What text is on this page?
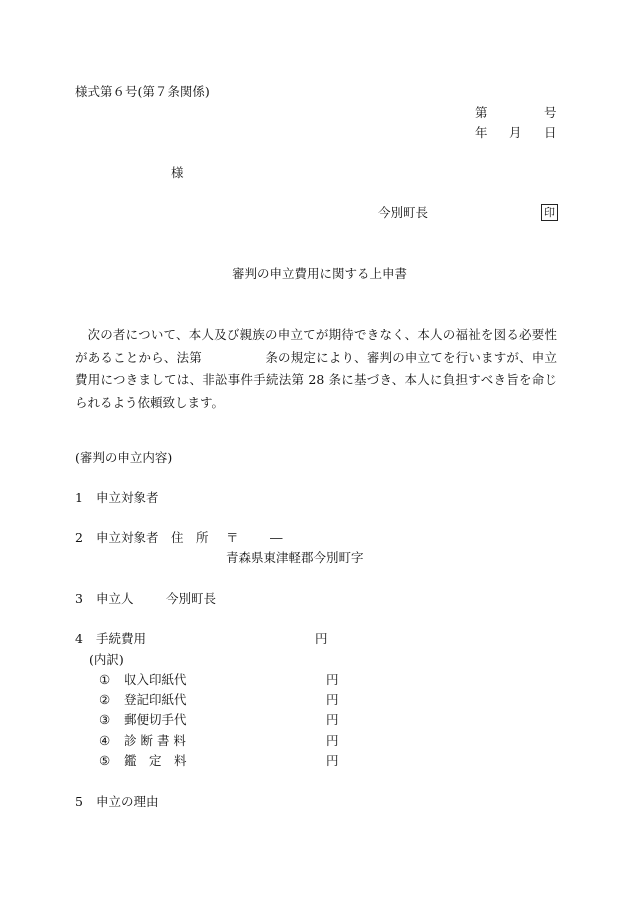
様式第６号(第７条関係)
第	号
年 月 日
様
今別町長	印
審判の申立費用に関する上申書
次の者について、本人及び親族の申立てが期待できなく、本人の福祉を図る必要性があることから、法第　　　　　条の規定により、審判の申立てを行いますが、申立費用につきましては、非訟事件手続法第 28 条に基づき、本人に負担すべき旨を命じられるよう依頼致します。
(審判の申立内容)
1 申立対象者
2 申立対象者　住　所 〒	―
青森県東津軽郡今別町字
3 申立人	今別町長
4 手続費用	円
(内訳)
① 収入印紙代	円
② 登記印紙代	円
③ 郵便切手代	円
④ 診 断 書 料	円
⑤ 鑑　定　料	円
5 申立の理由
